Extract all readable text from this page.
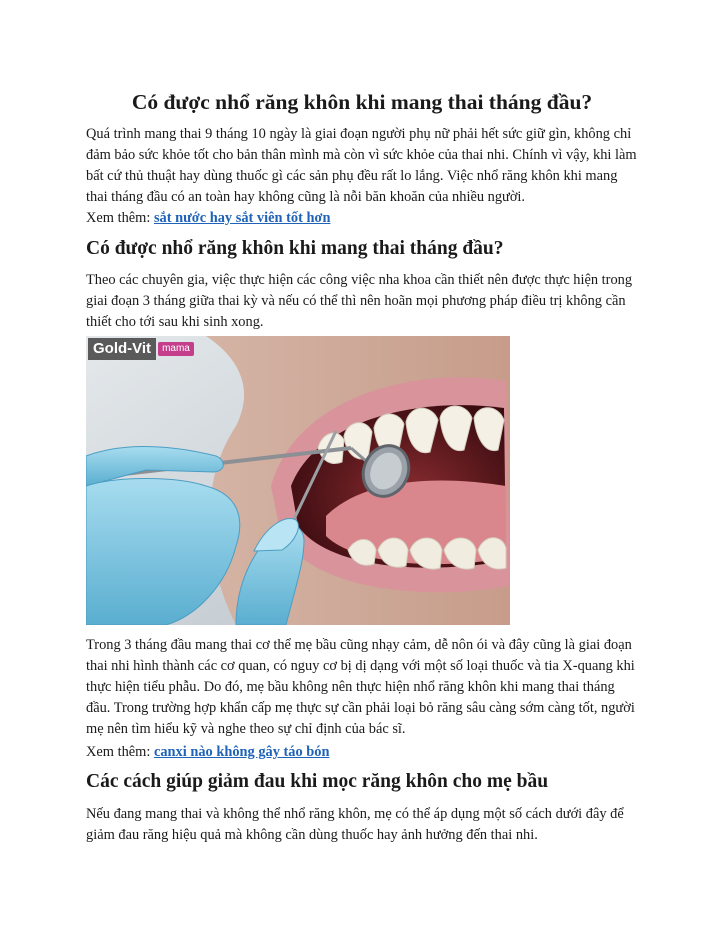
Có được nhổ răng khôn khi mang thai tháng đầu?

Quá trình mang thai 9 tháng 10 ngày là giai đoạn người phụ nữ phải hết sức giữ gìn, không chỉ đảm bảo sức khỏe tốt cho bản thân mình mà còn vì sức khỏe của thai nhi. Chính vì vậy, khi làm bất cứ thủ thuật hay dùng thuốc gì các sản phụ đều rất lo lắng. Việc nhổ răng khôn khi mang thai tháng đầu có an toàn hay không cũng là nỗi băn khoăn của nhiều người.

Xem thêm: sắt nước hay sắt viên tốt hơn
Có được nhổ răng khôn khi mang thai tháng đầu?

Theo các chuyên gia, việc thực hiện các công việc nha khoa cần thiết nên được thực hiện trong giai đoạn 3 tháng giữa thai kỳ và nếu có thể thì nên hoãn mọi phương pháp điều trị không cần thiết cho tới sau khi sinh xong.

Gold-Vit	mama

Trong 3 tháng đầu mang thai cơ thể mẹ bầu cũng nhạy cảm, dễ nôn ói và đây cũng là giai đoạn thai nhi hình thành các cơ quan, có nguy cơ bị dị dạng với một số loại thuốc và tia X-quang khi thực hiện tiểu phẫu. Do đó, mẹ bầu không nên thực hiện nhổ răng khôn khi mang thai tháng đầu. Trong trường hợp khẩn cấp mẹ thực sự cần phải loại bỏ răng sâu càng sớm càng tốt, người mẹ nên tìm hiểu kỹ và nghe theo sự chỉ định của bác sĩ.

Xem thêm: canxi nào không gây táo bón
Các cách giúp giảm đau khi mọc răng khôn cho mẹ bầu

Nếu đang mang thai và không thể nhổ răng khôn, mẹ có thể áp dụng một số cách dưới đây để giảm đau răng hiệu quả mà không cần dùng thuốc hay ảnh hưởng đến thai nhi.
